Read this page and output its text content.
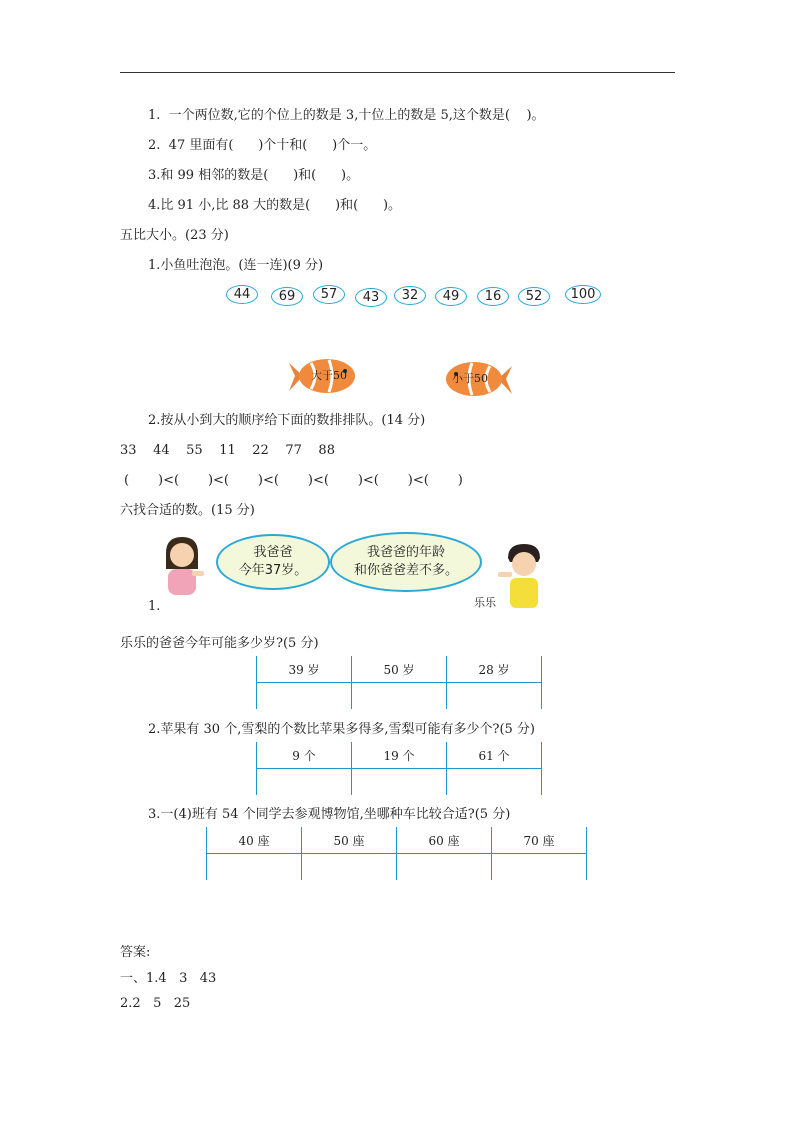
1.  一个两位数,它的个位上的数是 3,十位上的数是 5,这个数是(    )。
2.  47 里面有(      )个十和(      )个一。
3.和 99 相邻的数是(      )和(      )。
4.比 91 小,比 88 大的数是(      )和(      )。
五比大小。(23 分)
1.小鱼吐泡泡。(连一连)(9 分)
44	69	57	43	32	49	16	52	100
大于50	小于50
2.按从小到大的顺序给下面的数排排队。(14 分)
33    44    55    11    22    77    88
(       )<(       )<(       )<(       )<(       )<(       )<(       )
六找合适的数。(15 分)
我爸爸
今年37岁。
我爸爸的年龄
和你爸爸差不多。
乐乐
1.
乐乐的爸爸今年可能多少岁?(5 分)
39 岁	50 岁	28 岁

2.苹果有 30 个,雪梨的个数比苹果多得多,雪梨可能有多少个?(5 分)
9 个	19 个	61 个

3.一(4)班有 54 个同学去参观博物馆,坐哪种车比较合适?(5 分)
40 座	50 座	60 座	70 座

答案:
一、1.4   3   43
2.2   5   25
